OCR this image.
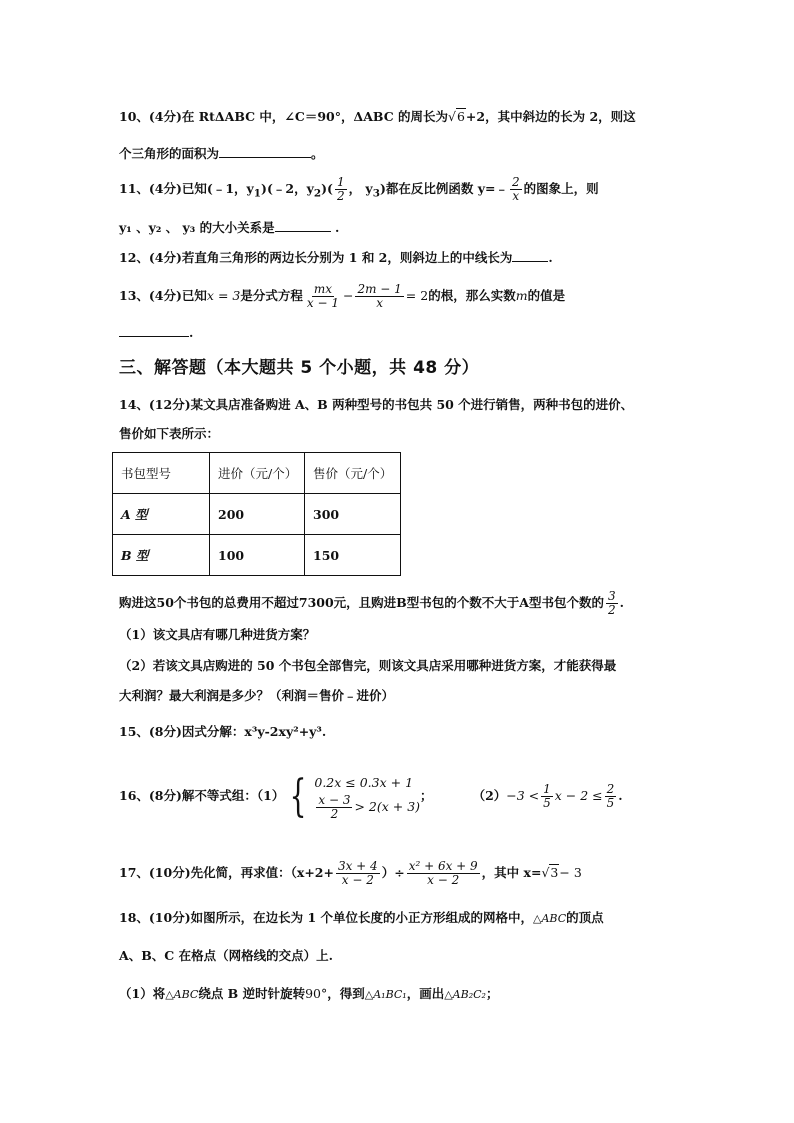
10、(4分)在 RtΔABC 中，∠C＝90°，ΔABC 的周长为√6+2，其中斜边的长为 2，则这
个三角形的面积为	。
11、(4分)已知(﹣1，$y_1)(﹣2$，$y_2)( \frac{1}{2}$ ， $y_3$)都在反比例函数 y=﹣ $\frac{2}{x}$ 的图象上，则
y₁ 、y₂ 、 y₃ 的大小关系是	.
12、(4分)若直角三角形的两边长分别为 1 和 2，则斜边上的中线长为	.
13、(4分)已知x = 3是分式方程 $\frac{mx}{x - 1} - \frac{2m - 1}{x} = 2$的根，那么实数m的值是
.
三、解答题（本大题共 5 个小题，共 48 分）
14、(12分)某文具店准备购进 A、B 两种型号的书包共 50 个进行销售，两种书包的进价、
售价如下表所示：
书包型号	进价（元/个）	售价（元/个）
A 型	200	300
B 型	100	150
购进这50个书包的总费用不超过7300元，且购进B型书包的个数不大于A型书包个数的 $\frac{3}{2}$ .
（1）该文具店有哪几种进货方案？
（2）若该文具店购进的 50 个书包全部售完，则该文具店采用哪种进货方案，才能获得最
大利润？最大利润是多少？（利润＝售价﹣进价）
15、(8分)因式分解：x³y-2xy²+y³.
16、(8分)解不等式组：（1） { 0.2x ≤ 0.3x + 1
$\frac{x - 3}{2} > 2(x + 3)$
；	$(2)-3 < \frac{1}{5}$ $x - 2 \le \frac{2}{5}$ .
17、(10分)先化简，再求值：（$x+2+ \frac{3x + 4}{x - 2}$ ）÷ $\frac{\text{x² + 6x + 9}}{x - 2}$ ，其中 x=√3− 3
18、(10分)如图所示，在边长为 1 个单位长度的小正方形组成的网格中，△ABC的顶点
A、B、C 在格点（网格线的交点）上.
（1）将△ABC绕点 B 逆时针旋转90°，得到△A₁BC₁，画出△AB₂C₂；
